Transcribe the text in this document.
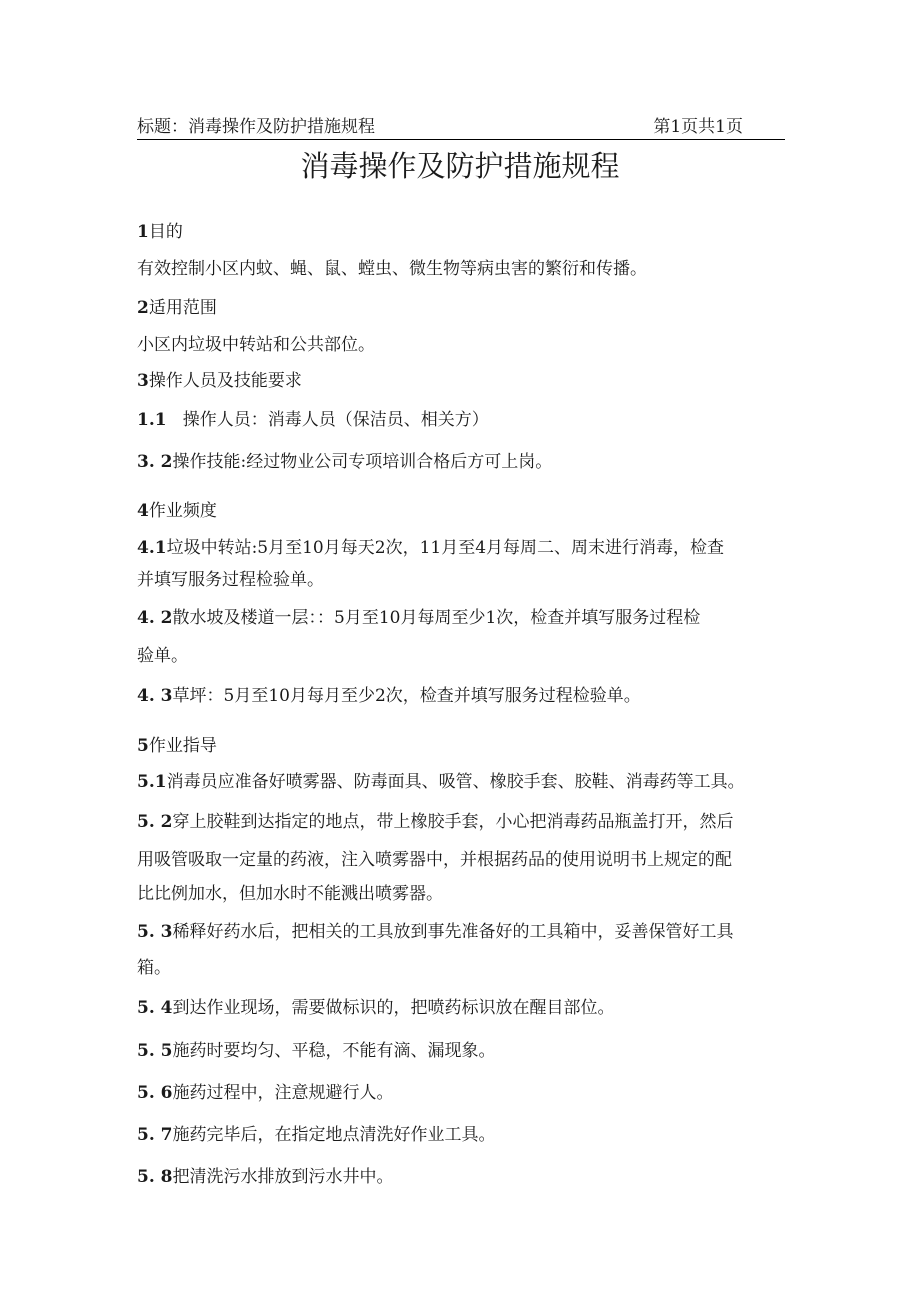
标题：消毒操作及防护措施规程	第1页共1页
消毒操作及防护措施规程

1目的

有效控制小区内蚊、蝇、鼠、螳虫、微生物等病虫害的繁衍和传播。

2适用范围

小区内垃圾中转站和公共部位。

3操作人员及技能要求

1.1 操作人员：消毒人员（保洁员、相关方）

3. 2操作技能:经过物业公司专项培训合格后方可上岗。

4作业频度

4.1垃圾中转站:5月至10月每天2次，11月至4月每周二、周末进行消毒，检查

并填写服务过程检验单。

4. 2散水坡及楼道一层：：5月至10月每周至少1次，检查并填写服务过程检

验单。

4. 3草坪：5月至10月每月至少2次，检查并填写服务过程检验单。

5作业指导

5.1消毒员应准备好喷雾器、防毒面具、吸管、橡胶手套、胶鞋、消毒药等工具。

5. 2穿上胶鞋到达指定的地点，带上橡胶手套，小心把消毒药品瓶盖打开，然后

用吸管吸取一定量的药液，注入喷雾器中，并根据药品的使用说明书上规定的配

比比例加水，但加水时不能溅出喷雾器。

5. 3稀释好药水后，把相关的工具放到事先准备好的工具箱中，妥善保管好工具

箱。

5. 4到达作业现场，需要做标识的，把喷药标识放在醒目部位。

5. 5施药时要均匀、平稳，不能有滴、漏现象。

5. 6施药过程中，注意规避行人。

5. 7施药完毕后，在指定地点清洗好作业工具。

5. 8把清洗污水排放到污水井中。
